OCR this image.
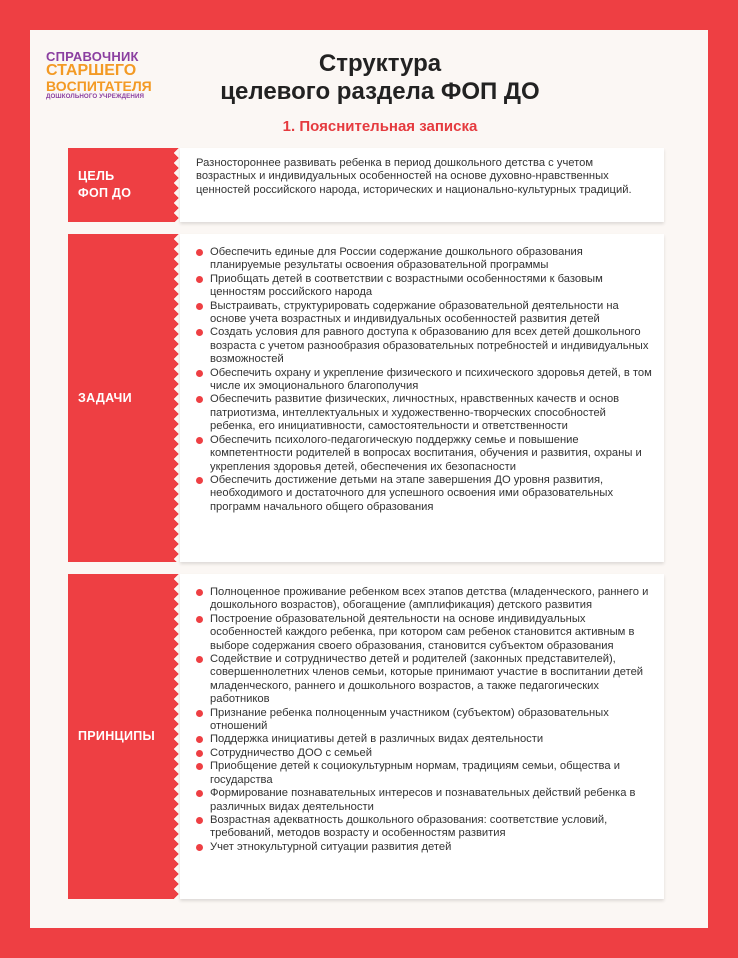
СПРАВОЧНИК
СТАРШЕГО
ВОСПИТАТЕЛЯ
ДОШКОЛЬНОГО УЧРЕЖДЕНИЯ
Структура
целевого раздела ФОП ДО
1. Пояснительная записка
ЦЕЛЬ
ФОП ДО
Разностороннее развивать ребенка в период дошкольного детства с учетом возрастных и индивидуальных особенностей на основе духовно-нравственных ценностей российского народа, исторических и национально-культурных традиций.
ЗАДАЧИ
Обеспечить единые для России содержание дошкольного образования планируемые результаты освоения образовательной программы
Приобщать детей в соответствии с возрастными особенностями к базовым ценностям российского народа
Выстраивать, структурировать содержание образовательной деятельности на основе учета возрастных и индивидуальных особенностей развития детей
Создать условия для равного доступа к образованию для всех детей дошкольного возраста с учетом разнообразия образовательных потребностей и индивидуальных возможностей
Обеспечить охрану и укрепление физического и психического здоровья детей, в том числе их эмоционального благополучия
Обеспечить развитие физических, личностных, нравственных качеств и основ патриотизма, интеллектуальных и художественно-творческих способностей ребенка, его инициативности, самостоятельности и ответственности
Обеспечить психолого-педагогическую поддержку семье и повышение компетентности родителей в вопросах воспитания, обучения и развития, охраны и укрепления здоровья детей, обеспечения их безопасности
Обеспечить достижение детьми на этапе завершения ДО уровня развития, необходимого и достаточного для успешного освоения ими образовательных программ начального общего образования
ПРИНЦИПЫ
Полноценное проживание ребенком всех этапов детства (младенческого, раннего и дошкольного возрастов), обогащение (амплификация) детского развития
Построение образовательной деятельности на основе индивидуальных особенностей каждого ребенка, при котором сам ребенок становится активным в выборе содержания своего образования, становится субъектом образования
Содействие и сотрудничество детей и родителей (законных представителей), совершеннолетних членов семьи, которые принимают участие в воспитании детей младенческого, раннего и дошкольного возрастов, а также педагогических работников
Признание ребенка полноценным участником (субъектом) образовательных отношений
Поддержка инициативы детей в различных видах деятельности
Сотрудничество ДОО с семьей
Приобщение детей к социокультурным нормам, традициям семьи, общества и государства
Формирование познавательных интересов и познавательных действий ребенка в различных видах деятельности
Возрастная адекватность дошкольного образования: соответствие условий, требований, методов возрасту и особенностям развития
Учет этнокультурной ситуации развития детей
